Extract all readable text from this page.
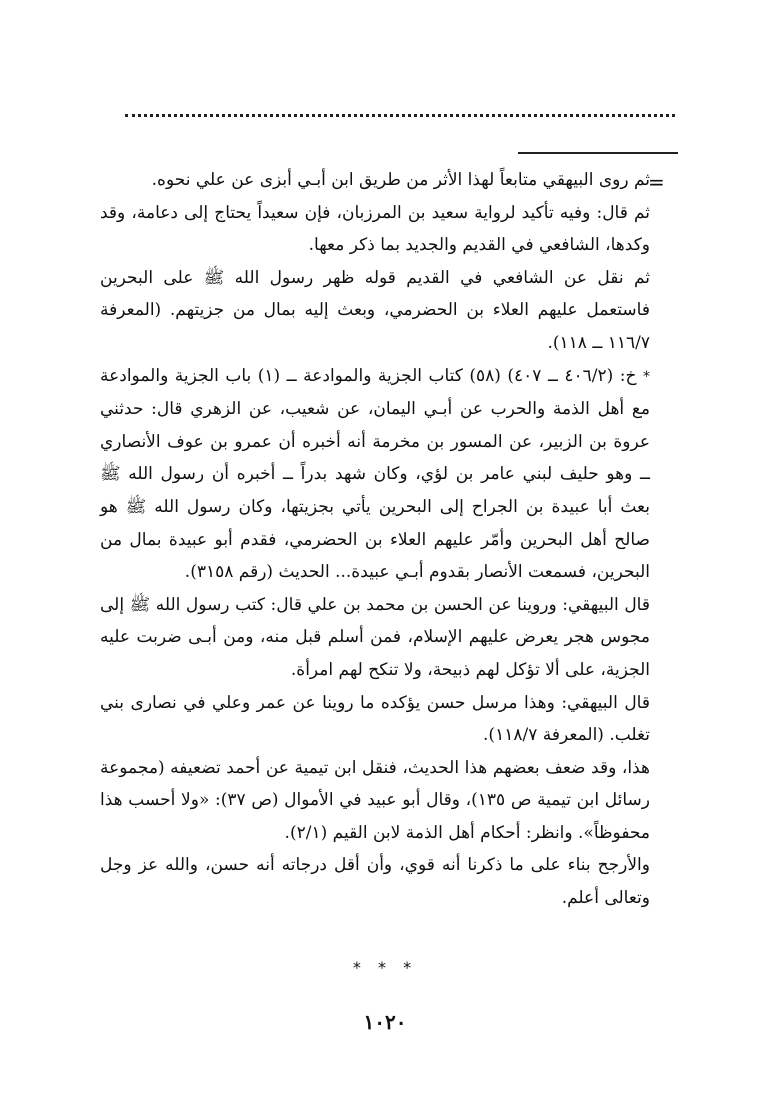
=

ثم روى البيهقي متابعاً لهذا الأثر من طريق ابن أبـي أبزى عن علي نحوه.

ثم قال: وفيه تأكيد لرواية سعيد بن المرزبان، فإن سعيداً يحتاج إلى دعامة، وقد وكدها، الشافعي في القديم والجديد بما ذكر معها.

ثم نقل عن الشافعي في القديم قوله ظهر رسول الله ﷺ على البحرين فاستعمل عليهم العلاء بن الحضرمي، وبعث إليه بمال من جزيتهم. (المعرفة ١١٦/٧ ــ ١١٨).

* خ: (٤٠٦/٢ ــ ٤٠٧) (٥٨) كتاب الجزية والموادعة ــ (١) باب الجزية والموادعة مع أهل الذمة والحرب عن أبـي اليمان، عن شعيب، عن الزهري قال: حدثني عروة بن الزبير، عن المسور بن مخرمة أنه أخبره أن عمرو بن عوف الأنصاري ــ وهو حليف لبني عامر بن لؤي، وكان شهد بدراً ــ أخبره أن رسول الله ﷺ بعث أبا عبيدة بن الجراح إلى البحرين يأتي بجزيتها، وكان رسول الله ﷺ هو صالح أهل البحرين وأمّر عليهم العلاء بن الحضرمي، فقدم أبو عبيدة بمال من البحرين، فسمعت الأنصار بقدوم أبـي عبيدة... الحديث (رقم ٣١٥٨).

قال البيهقي: وروينا عن الحسن بن محمد بن علي قال: كتب رسول الله ﷺ إلى مجوس هجر يعرض عليهم الإسلام، فمن أسلم قبل منه، ومن أبـى ضربت عليه الجزية، على ألا تؤكل لهم ذبيحة، ولا تنكح لهم امرأة.

قال البيهقي: وهذا مرسل حسن يؤكده ما روينا عن عمر وعلي في نصارى بني تغلب. (المعرفة ١١٨/٧).

هذا، وقد ضعف بعضهم هذا الحديث، فنقل ابن تيمية عن أحمد تضعيفه (مجموعة رسائل ابن تيمية ص ١٣٥)، وقال أبو عبيد في الأموال (ص ٣٧): «ولا أحسب هذا محفوظاً». وانظر: أحكام أهل الذمة لابن القيم (٢/١).

والأرجح بناء على ما ذكرنا أنه قوي، وأن أقل درجاته أنه حسن، والله عز وجل وتعالى أعلم.

* * *
١٠٢٠
